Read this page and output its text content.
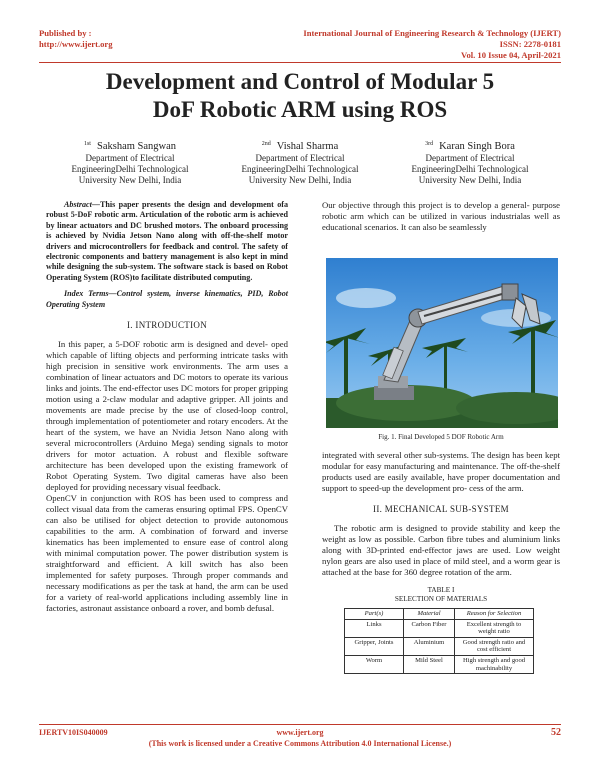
Published by :
http://www.ijert.org
International Journal of Engineering Research & Technology (IJERT)
ISSN: 2278-0181
Vol. 10 Issue 04, April-2021
Development and Control of Modular 5
DoF Robotic ARM using ROS
$^{1st}$ Saksham Sangwan
Department of Electrical
EngineeringDelhi Technological
University New Delhi, India
$^{2nd}$ Vishal Sharma
Department of Electrical
EngineeringDelhi Technological
University New Delhi, India
$^{3rd}$ Karan Singh Bora
Department of Electrical
EngineeringDelhi Technological
University New Delhi, India

Abstract—This paper presents the design and development ofa robust 5-DoF robotic arm. Articulation of the robotic arm is achieved by linear actuators and DC brushed motors. The onboard processing is achieved by Nvidia Jetson Nano along with off-the-shelf motor drivers and microcontrollers for feedback and control. The safety of electronic components and battery management is also kept in mind while designing the sub-system. The software stack is based on Robot Operating System (ROS)to facilitate distributed computing.

Index Terms—Control system, inverse kinematics, PID, Robot Operating System

I. INTRODUCTION

In this paper, a 5-DOF robotic arm is designed and devel- oped which capable of lifting objects and performing intricate tasks with high precision in sensitive work environments. The arm uses a combination of linear actuators and DC motors to operate its various links and joints. The end-effector uses DC motors for proper gripping motion using a 2-claw modular and adaptive gripper. All joints and movements are made precise by the use of closed-loop control, through implementation of potentiometer and rotary encoders. At the heart of the system, we have an Nvidia Jetson Nano along with several microcontrollers (Arduino Mega) sending signals to motor drivers for motor actuation. A robust and flexible software architecture has been developed upon the existing framework of Robot Operating System. Two digital cameras have also been deployed for providing necessary visual feedback.

OpenCV in conjunction with ROS has been used to compress and collect visual data from the cameras ensuring optimal FPS. OpenCV can also be utilised for object detection to provide autonomous capabilities to the arm. A combination of forward and inverse kinematics has been implemented to ensure ease of control along with minimal computation power. The power distribution system is straightforward and efficient. A kill switch has also been implemented for safety purposes. Through proper commands and necessary modifications as per the task at hand, the arm can be used for a variety of real-world applications including assembly line in factories, astronaut assistance onboard a rover, and bomb defusal.

Our objective through this project is to develop a general- purpose robotic arm which can be utilized in various industrialas well as educational scenarios. It can also be seamlessly

Fig. 1. Final Developed 5 DOF Robotic Arm

integrated with several other sub-systems. The design has been kept modular for easy manufacturing and maintenance. The off-the-shelf products used are easily available, have proper documentation and support to speed-up the development pro- cess of the arm.

II. MECHANICAL SUB-SYSTEM

The robotic arm is designed to provide stability and keep the weight as low as possible. Carbon fibre tubes and aluminium links along with 3D-printed end-effector jaws are used. Low weight nylon gears are also used in place of mild steel, and a worm gear is attached at the base for 360 degree rotation of the arm.

TABLE I
SELECTION OF MATERIALS
Part(s)	Material	Reason for Selection
Links	Carbon Fiber	Excellent strength to weight ratio
Gripper, Joints	Aluminium	Good strength ratio and cost efficient
Worm	Mild Steel	High strength and good machinability
IJERTV10IS040009	www.ijert.org
(This work is licensed under a Creative Commons Attribution 4.0 International License.)
52
